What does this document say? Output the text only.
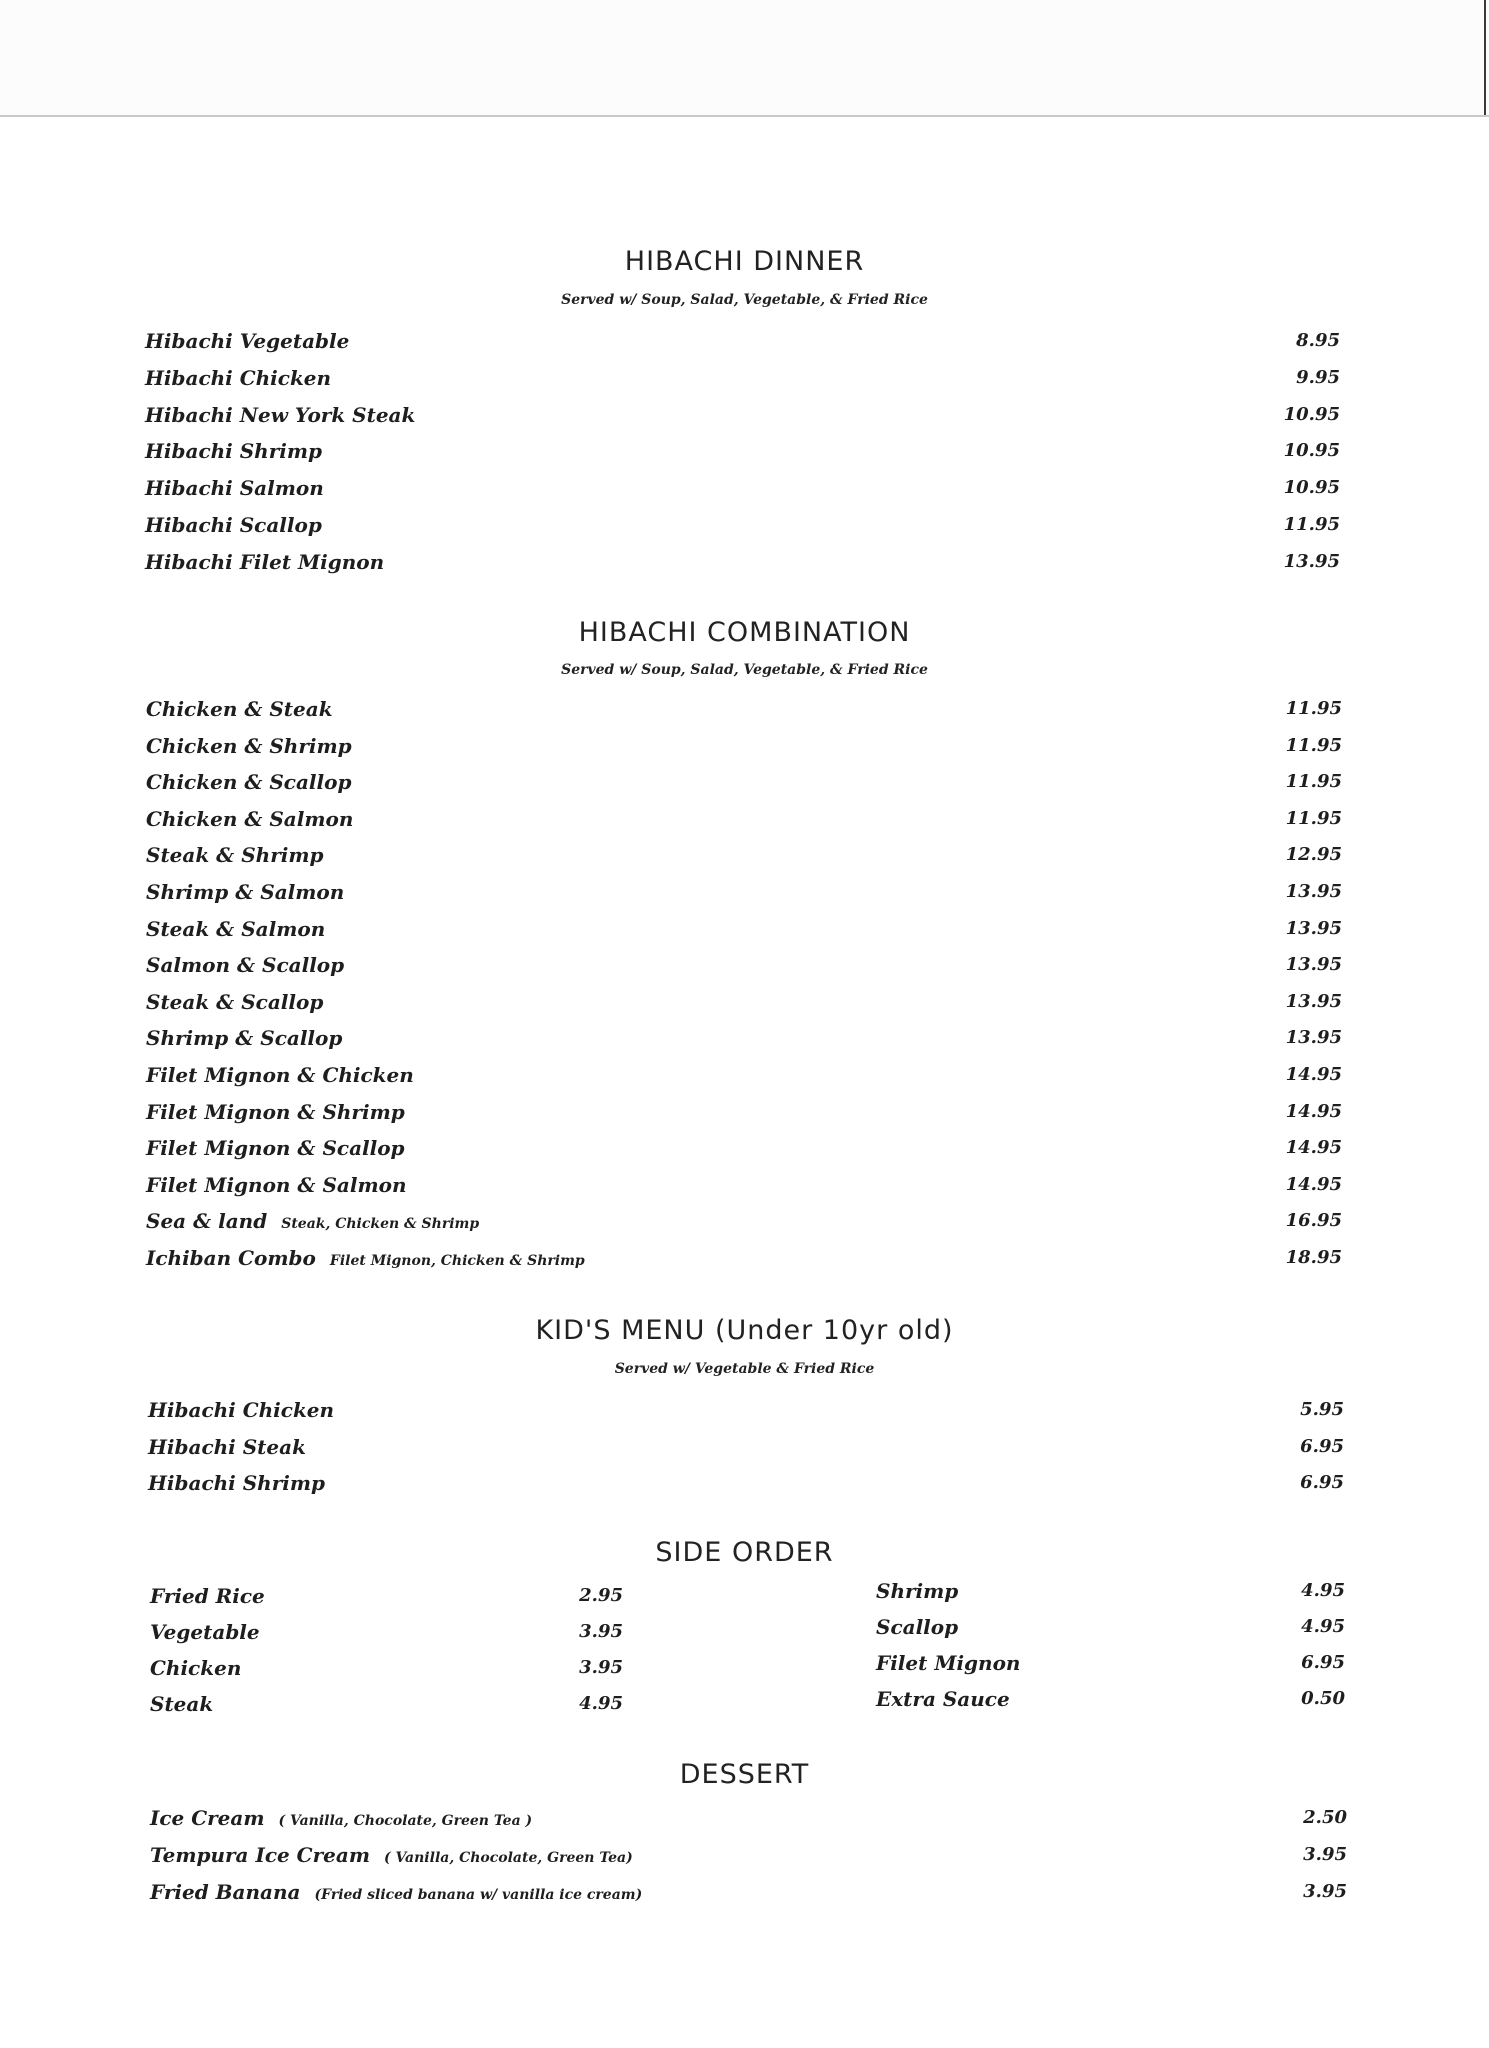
HIBACHI DINNER
Served w/ Soup, Salad, Vegetable, & Fried Rice
Hibachi Vegetable	8.95
Hibachi Chicken	9.95
Hibachi New York Steak	10.95
Hibachi Shrimp	10.95
Hibachi Salmon	10.95
Hibachi Scallop	11.95
Hibachi Filet Mignon	13.95
HIBACHI COMBINATION
Served w/ Soup, Salad, Vegetable, & Fried Rice
Chicken & Steak	11.95
Chicken & Shrimp	11.95
Chicken & Scallop	11.95
Chicken & Salmon	11.95
Steak & Shrimp	12.95
Shrimp & Salmon	13.95
Steak & Salmon	13.95
Salmon & Scallop	13.95
Steak & Scallop	13.95
Shrimp & Scallop	13.95
Filet Mignon & Chicken	14.95
Filet Mignon & Shrimp	14.95
Filet Mignon & Scallop	14.95
Filet Mignon & Salmon	14.95
Sea & land Steak, Chicken & Shrimp	16.95
Ichiban Combo Filet Mignon, Chicken & Shrimp	18.95
KID'S MENU (Under 10yr old)
Served w/ Vegetable & Fried Rice
Hibachi Chicken	5.95
Hibachi Steak	6.95
Hibachi Shrimp	6.95
SIDE ORDER
Fried Rice	2.95
Vegetable	3.95
Chicken	3.95
Steak	4.95
Shrimp	4.95
Scallop	4.95
Filet Mignon	6.95
Extra Sauce	0.50
DESSERT
Ice Cream ( Vanilla, Chocolate, Green Tea )	2.50
Tempura Ice Cream ( Vanilla, Chocolate, Green Tea)	3.95
Fried Banana (Fried sliced banana w/ vanilla ice cream)	3.95
